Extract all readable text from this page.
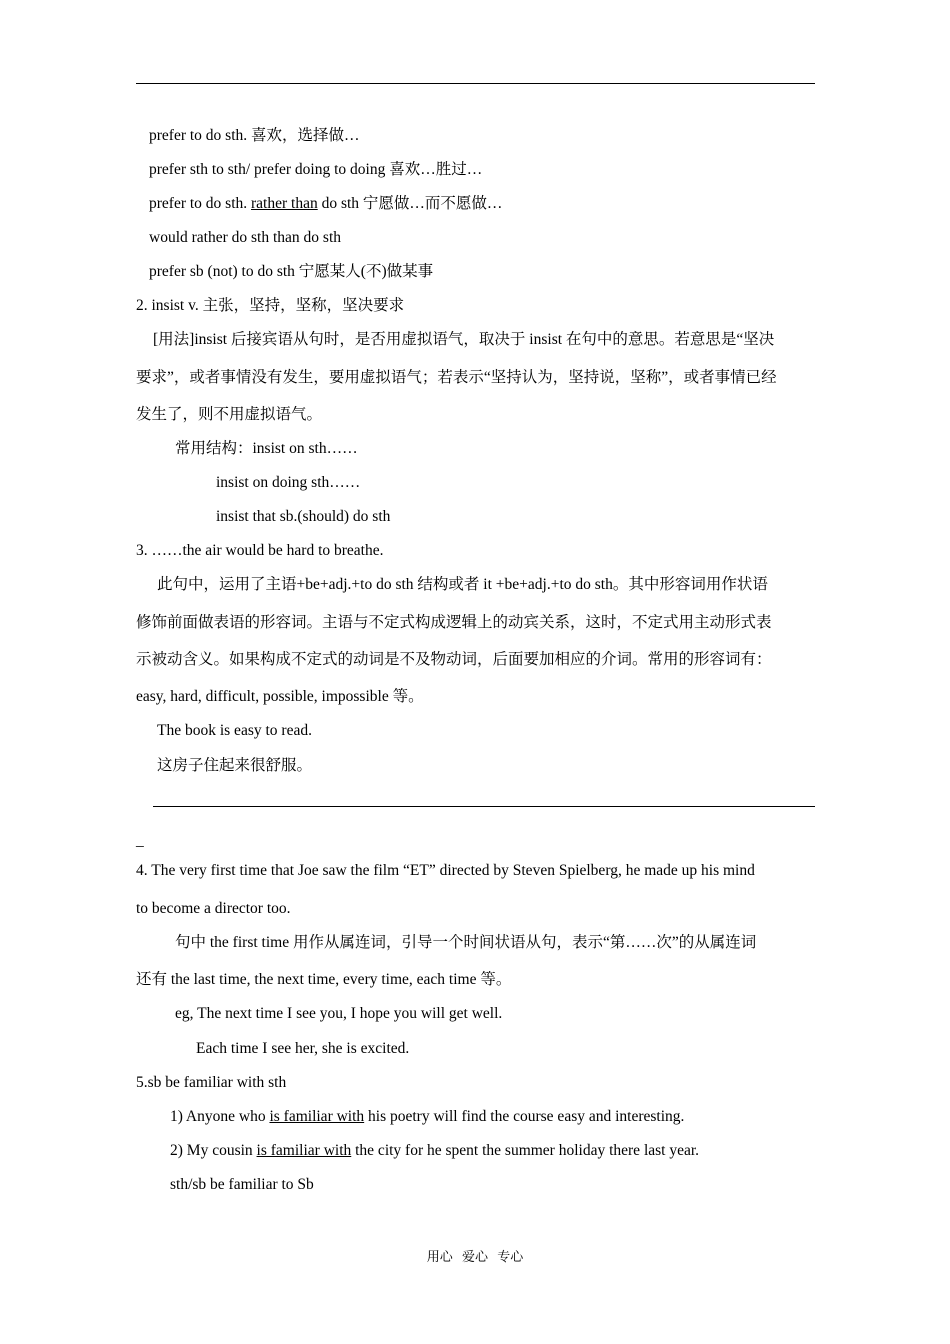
prefer to do sth. 喜欢，选择做…
prefer sth to sth/ prefer doing to doing 喜欢…胜过…
prefer to do sth. rather than do sth 宁愿做…而不愿做…
would rather do sth than do sth
prefer sb (not) to do sth 宁愿某人(不)做某事
2. insist v. 主张，坚持，坚称，坚决要求
[用法]insist 后接宾语从句时，是否用虚拟语气，取决于 insist 在句中的意思。若意思是“坚决
要求”，或者事情没有发生，要用虚拟语气；若表示“坚持认为，坚持说，坚称”，或者事情已经
发生了，则不用虚拟语气。
常用结构：insist on sth……
insist on doing sth……
insist that sb.(should) do sth
3. ……the air would be hard to breathe.
此句中，运用了主语+be+adj.+to do sth 结构或者 it +be+adj.+to do sth。其中形容词用作状语
修饰前面做表语的形容词。主语与不定式构成逻辑上的动宾关系，这时，不定式用主动形式表
示被动含义。如果构成不定式的动词是不及物动词，后面要加相应的介词。常用的形容词有：
easy, hard, difficult, possible, impossible 等。
The book is easy to read.
这房子住起来很舒服。
_
4. The very first time that Joe saw the film “ET” directed by Steven Spielberg, he made up his mind
to become a director too.
句中 the first time 用作从属连词，引导一个时间状语从句，表示“第……次”的从属连词
还有 the last time, the next time, every time, each time 等。
eg, The next time I see you, I hope you will get well.
Each time I see her, she is excited.
5.sb be familiar with sth
1) Anyone who is familiar with his poetry will find the course easy and interesting.
2) My cousin is familiar with the city for he spent the summer holiday there last year.
sth/sb be familiar to Sb
用心 爱心 专心
